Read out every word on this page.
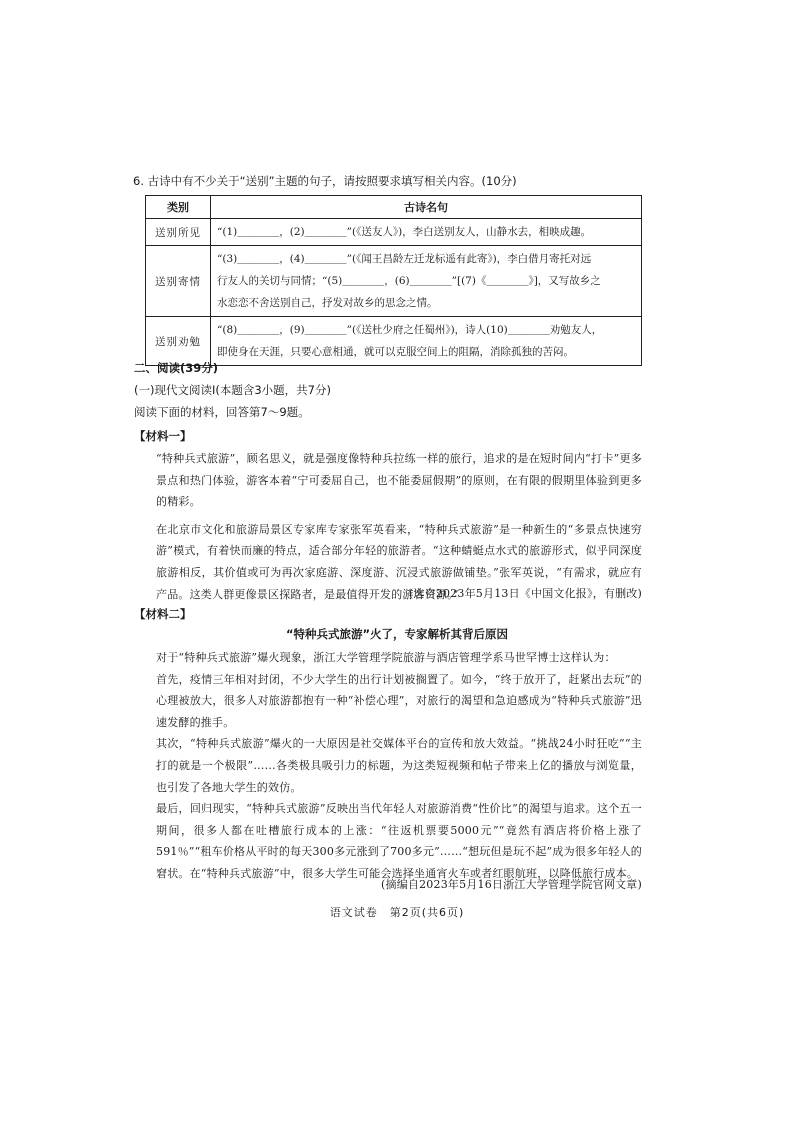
6. 古诗中有不少关于“送别”主题的句子，请按照要求填写相关内容。(10分)
类别	古诗名句
送别所见	“(1)＿＿＿＿，(2)＿＿＿＿”(《送友人》)，李白送别友人，山静水去，相映成趣。

送别寄情	“(3)＿＿＿＿，(4)＿＿＿＿”(《闻王昌龄左迁龙标遥有此寄》)，李白借月寄托对远
行友人的关切与同情；“(5)＿＿＿＿，(6)＿＿＿＿”[(7)《＿＿＿＿》]，又写故乡之
水恋恋不舍送别自己，抒发对故乡的思念之情。

送别劝勉	“(8)＿＿＿＿，(9)＿＿＿＿”(《送杜少府之任蜀州》)，诗人(10)＿＿＿＿劝勉友人，
即使身在天涯，只要心意相通，就可以克服空间上的阻隔，消除孤独的苦闷。
二、阅读(39分)
(一)现代文阅读Ⅰ(本题含3小题，共7分)
阅读下面的材料，回答第7～9题。
【材料一】
“特种兵式旅游”，顾名思义，就是强度像特种兵拉练一样的旅行，追求的是在短时间内“打卡”更多景点和热门体验，游客本着“宁可委屈自己，也不能委屈假期”的原则，在有限的假期里体验到更多的精彩。
在北京市文化和旅游局景区专家库专家张军英看来，“特种兵式旅游”是一种新生的“多景点快速穷游”模式，有着快而廉的特点，适合部分年轻的旅游者。“这种蜻蜓点水式的旅游形式，似乎同深度旅游相反，其价值或可为再次家庭游、深度游、沉浸式旅游做铺垫。”张军英说，“有需求，就应有产品。这类人群更像景区探路者，是最值得开发的游客资源。”
(选自2023年5月13日《中国文化报》，有删改)
【材料二】
“特种兵式旅游”火了，专家解析其背后原因
对于“特种兵式旅游”爆火现象，浙江大学管理学院旅游与酒店管理学系马世罕博士这样认为：
首先，疫情三年相对封闭，不少大学生的出行计划被搁置了。如今，“终于放开了，赶紧出去玩”的心理被放大，很多人对旅游都抱有一种“补偿心理”，对旅行的渴望和急迫感成为“特种兵式旅游”迅速发酵的推手。
其次，“特种兵式旅游”爆火的一大原因是社交媒体平台的宣传和放大效益。“挑战24小时狂吃”“主打的就是一个极限”……各类极具吸引力的标题，为这类短视频和帖子带来上亿的播放与浏览量，也引发了各地大学生的效仿。
最后，回归现实，“特种兵式旅游”反映出当代年轻人对旅游消费“性价比”的渴望与追求。这个五一期间，很多人都在吐槽旅行成本的上涨：“往返机票要5000元”“竟然有酒店将价格上涨了591％”“租车价格从平时的每天300多元涨到了700多元”……“想玩但是玩不起”成为很多年轻人的窘状。在“特种兵式旅游”中，很多大学生可能会选择坐通宵火车或者红眼航班，以降低旅行成本。
(摘编自2023年5月16日浙江大学管理学院官网文章)
语文试卷　第2页(共6页)
